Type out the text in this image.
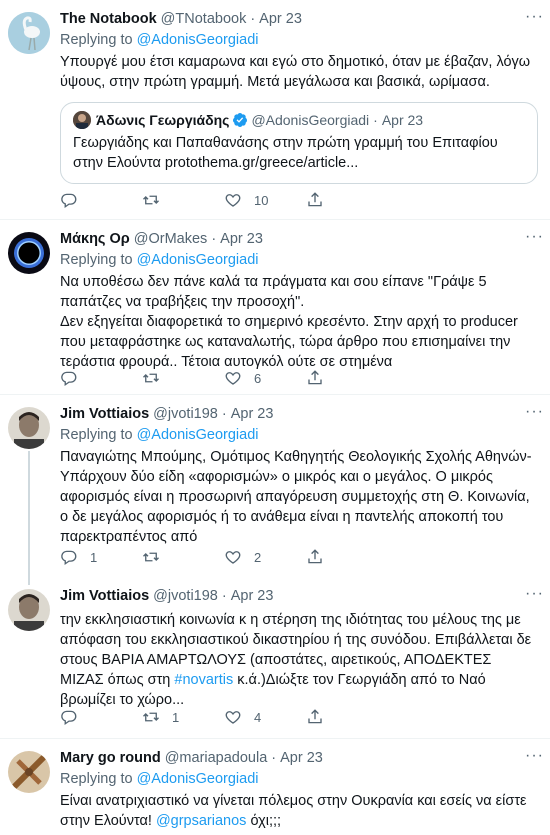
The Notabook @TNotabook · Apr 23
Replying to @AdonisGeorgiadi
Υπουργέ μου έτσι καμαρωνα και εγώ στο δημοτικό, όταν με έβαζαν, λόγω ύψους, στην πρώτη γραμμή. Μετά μεγάλωσα και βασικά, ωρίμασα.
Άδωνις Γεωργιάδης @AdonisGeorgiadi · Apr 23
Γεωργιάδης και Παπαθανάσης στην πρώτη γραμμή του Επιταφίου στην Ελούντα protothema.gr/greece/article...
···
10
Μάκης Ορ @OrMakes · Apr 23
Replying to @AdonisGeorgiadi
Να υποθέσω δεν πάνε καλά τα πράγματα και σου είπανε "Γράψε 5 παπάτζες να τραβήξεις την προσοχή".
Δεν εξηγείται διαφορετικά το σημερινό κρεσέντο. Στην αρχή το producer που μεταφράστηκε ως καταναλωτής, τώρα άρθρο που επισημαίνει την τεράστια φρουρά.. Τέτοια αυτογκόλ ούτε σε στημένα
···
6
Jim Vottiaios @jvoti198 · Apr 23
Replying to @AdonisGeorgiadi
Παναγιώτης Μπούμης, Ομότιμος Καθηγητής Θεολογικής Σχολής Αθηνών- Υπάρχουν δύο είδη «αφορισμών» ο μικρός και ο μεγάλος. Ο μικρός αφορισμός είναι η προσωρινή απαγόρευση συμμετοχής στη Θ. Κοινωνία, ο δε μεγάλος αφορισμός ή το ανάθεμα είναι η παντελής αποκοπή του παρεκτραπέντος από
···
1	2
Jim Vottiaios @jvoti198 · Apr 23
την εκκλησιαστική κοινωνία κ η στέρηση της ιδιότητας του μέλους της με απόφαση του εκκλησιαστικού δικαστηρίου ή της συνόδου. Επιβάλλεται δε στους ΒΑΡΙΑ ΑΜΑΡΤΩΛΟΥΣ (αποστάτες, αιρετικούς, ΑΠΟΔΕΚΤΕΣ ΜΙΖΑΣ όπως στη #novartis κ.ά.)Διώξτε τον Γεωργιάδη από το Ναό βρωμίζει το χώρο...
···
1	4
Mary go round @mariapadoula · Apr 23
Replying to @AdonisGeorgiadi
Είναι ανατριχιαστικό να γίνεται πόλεμος στην Ουκρανία και εσείς να είστε στην Ελούντα! @grpsarianos όχι;;;
···
